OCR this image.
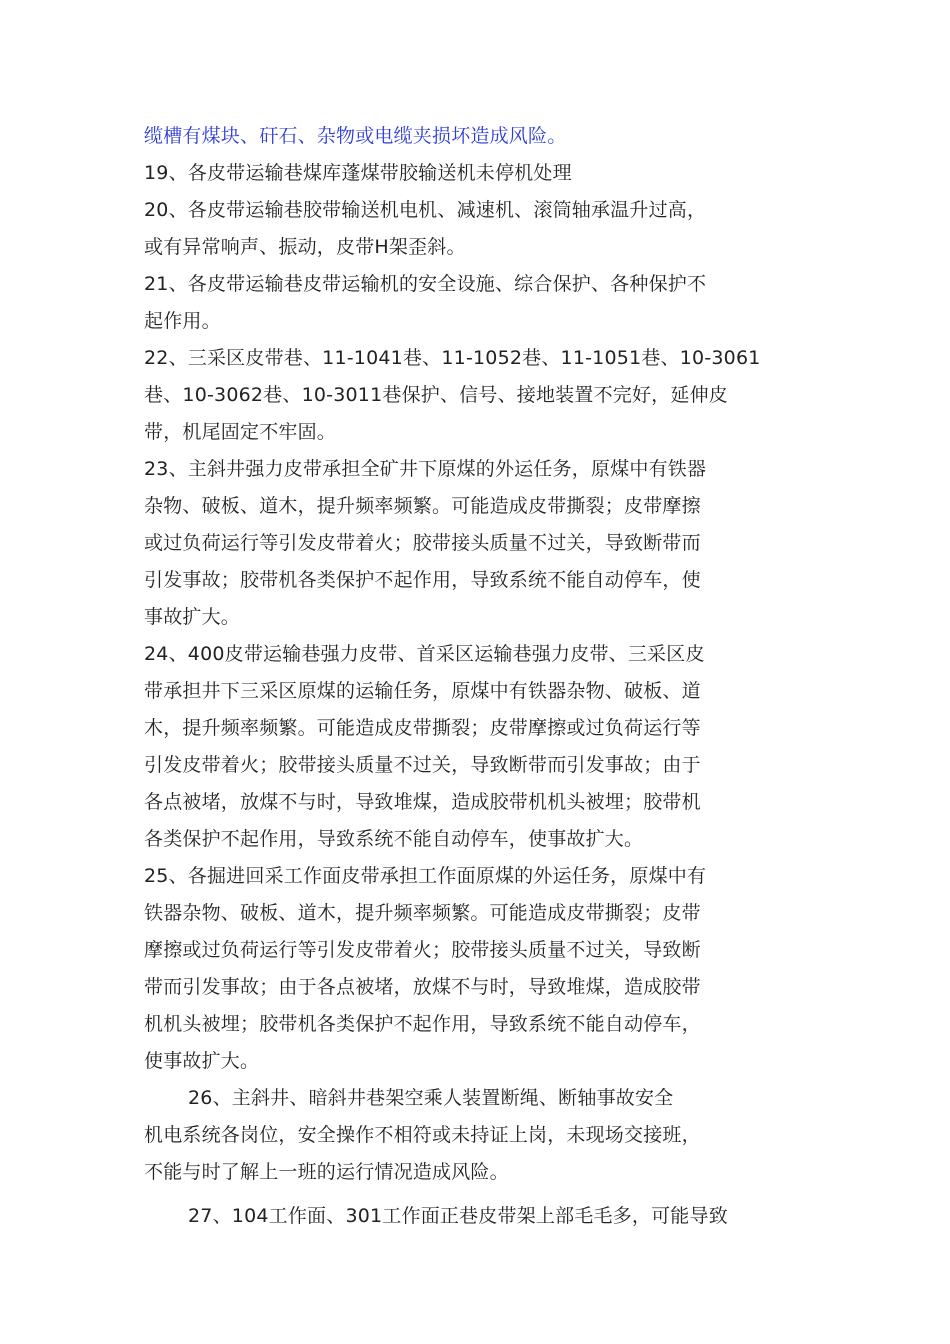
缆槽有煤块、矸石、杂物或电缆夹损坏造成风险。
19、各皮带运输巷煤库蓬煤带胶输送机未停机处理
20、各皮带运输巷胶带输送机电机、减速机、滚筒轴承温升过高，
或有异常响声、振动，皮带H架歪斜。
21、各皮带运输巷皮带运输机的安全设施、综合保护、各种保护不
起作用。
22、三采区皮带巷、11-1041巷、11-1052巷、11-1051巷、10-3061
巷、10-3062巷、10-3011巷保护、信号、接地装置不完好，延伸皮
带，机尾固定不牢固。
23、主斜井强力皮带承担全矿井下原煤的外运任务，原煤中有铁器
杂物、破板、道木，提升频率频繁。可能造成皮带撕裂；皮带摩擦
或过负荷运行等引发皮带着火；胶带接头质量不过关，导致断带而
引发事故；胶带机各类保护不起作用，导致系统不能自动停车，使
事故扩大。
24、400皮带运输巷强力皮带、首采区运输巷强力皮带、三采区皮
带承担井下三采区原煤的运输任务，原煤中有铁器杂物、破板、道
木，提升频率频繁。可能造成皮带撕裂；皮带摩擦或过负荷运行等
引发皮带着火；胶带接头质量不过关，导致断带而引发事故；由于
各点被堵，放煤不与时，导致堆煤，造成胶带机机头被埋；胶带机
各类保护不起作用，导致系统不能自动停车，使事故扩大。
25、各掘进回采工作面皮带承担工作面原煤的外运任务，原煤中有
铁器杂物、破板、道木，提升频率频繁。可能造成皮带撕裂；皮带
摩擦或过负荷运行等引发皮带着火；胶带接头质量不过关，导致断
带而引发事故；由于各点被堵，放煤不与时，导致堆煤，造成胶带
机机头被埋；胶带机各类保护不起作用，导致系统不能自动停车，
使事故扩大。
26、主斜井、暗斜井巷架空乘人装置断绳、断轴事故安全
机电系统各岗位，安全操作不相符或未持证上岗，未现场交接班，
不能与时了解上一班的运行情况造成风险。
27、104工作面、301工作面正巷皮带架上部毛毛多，可能导致
